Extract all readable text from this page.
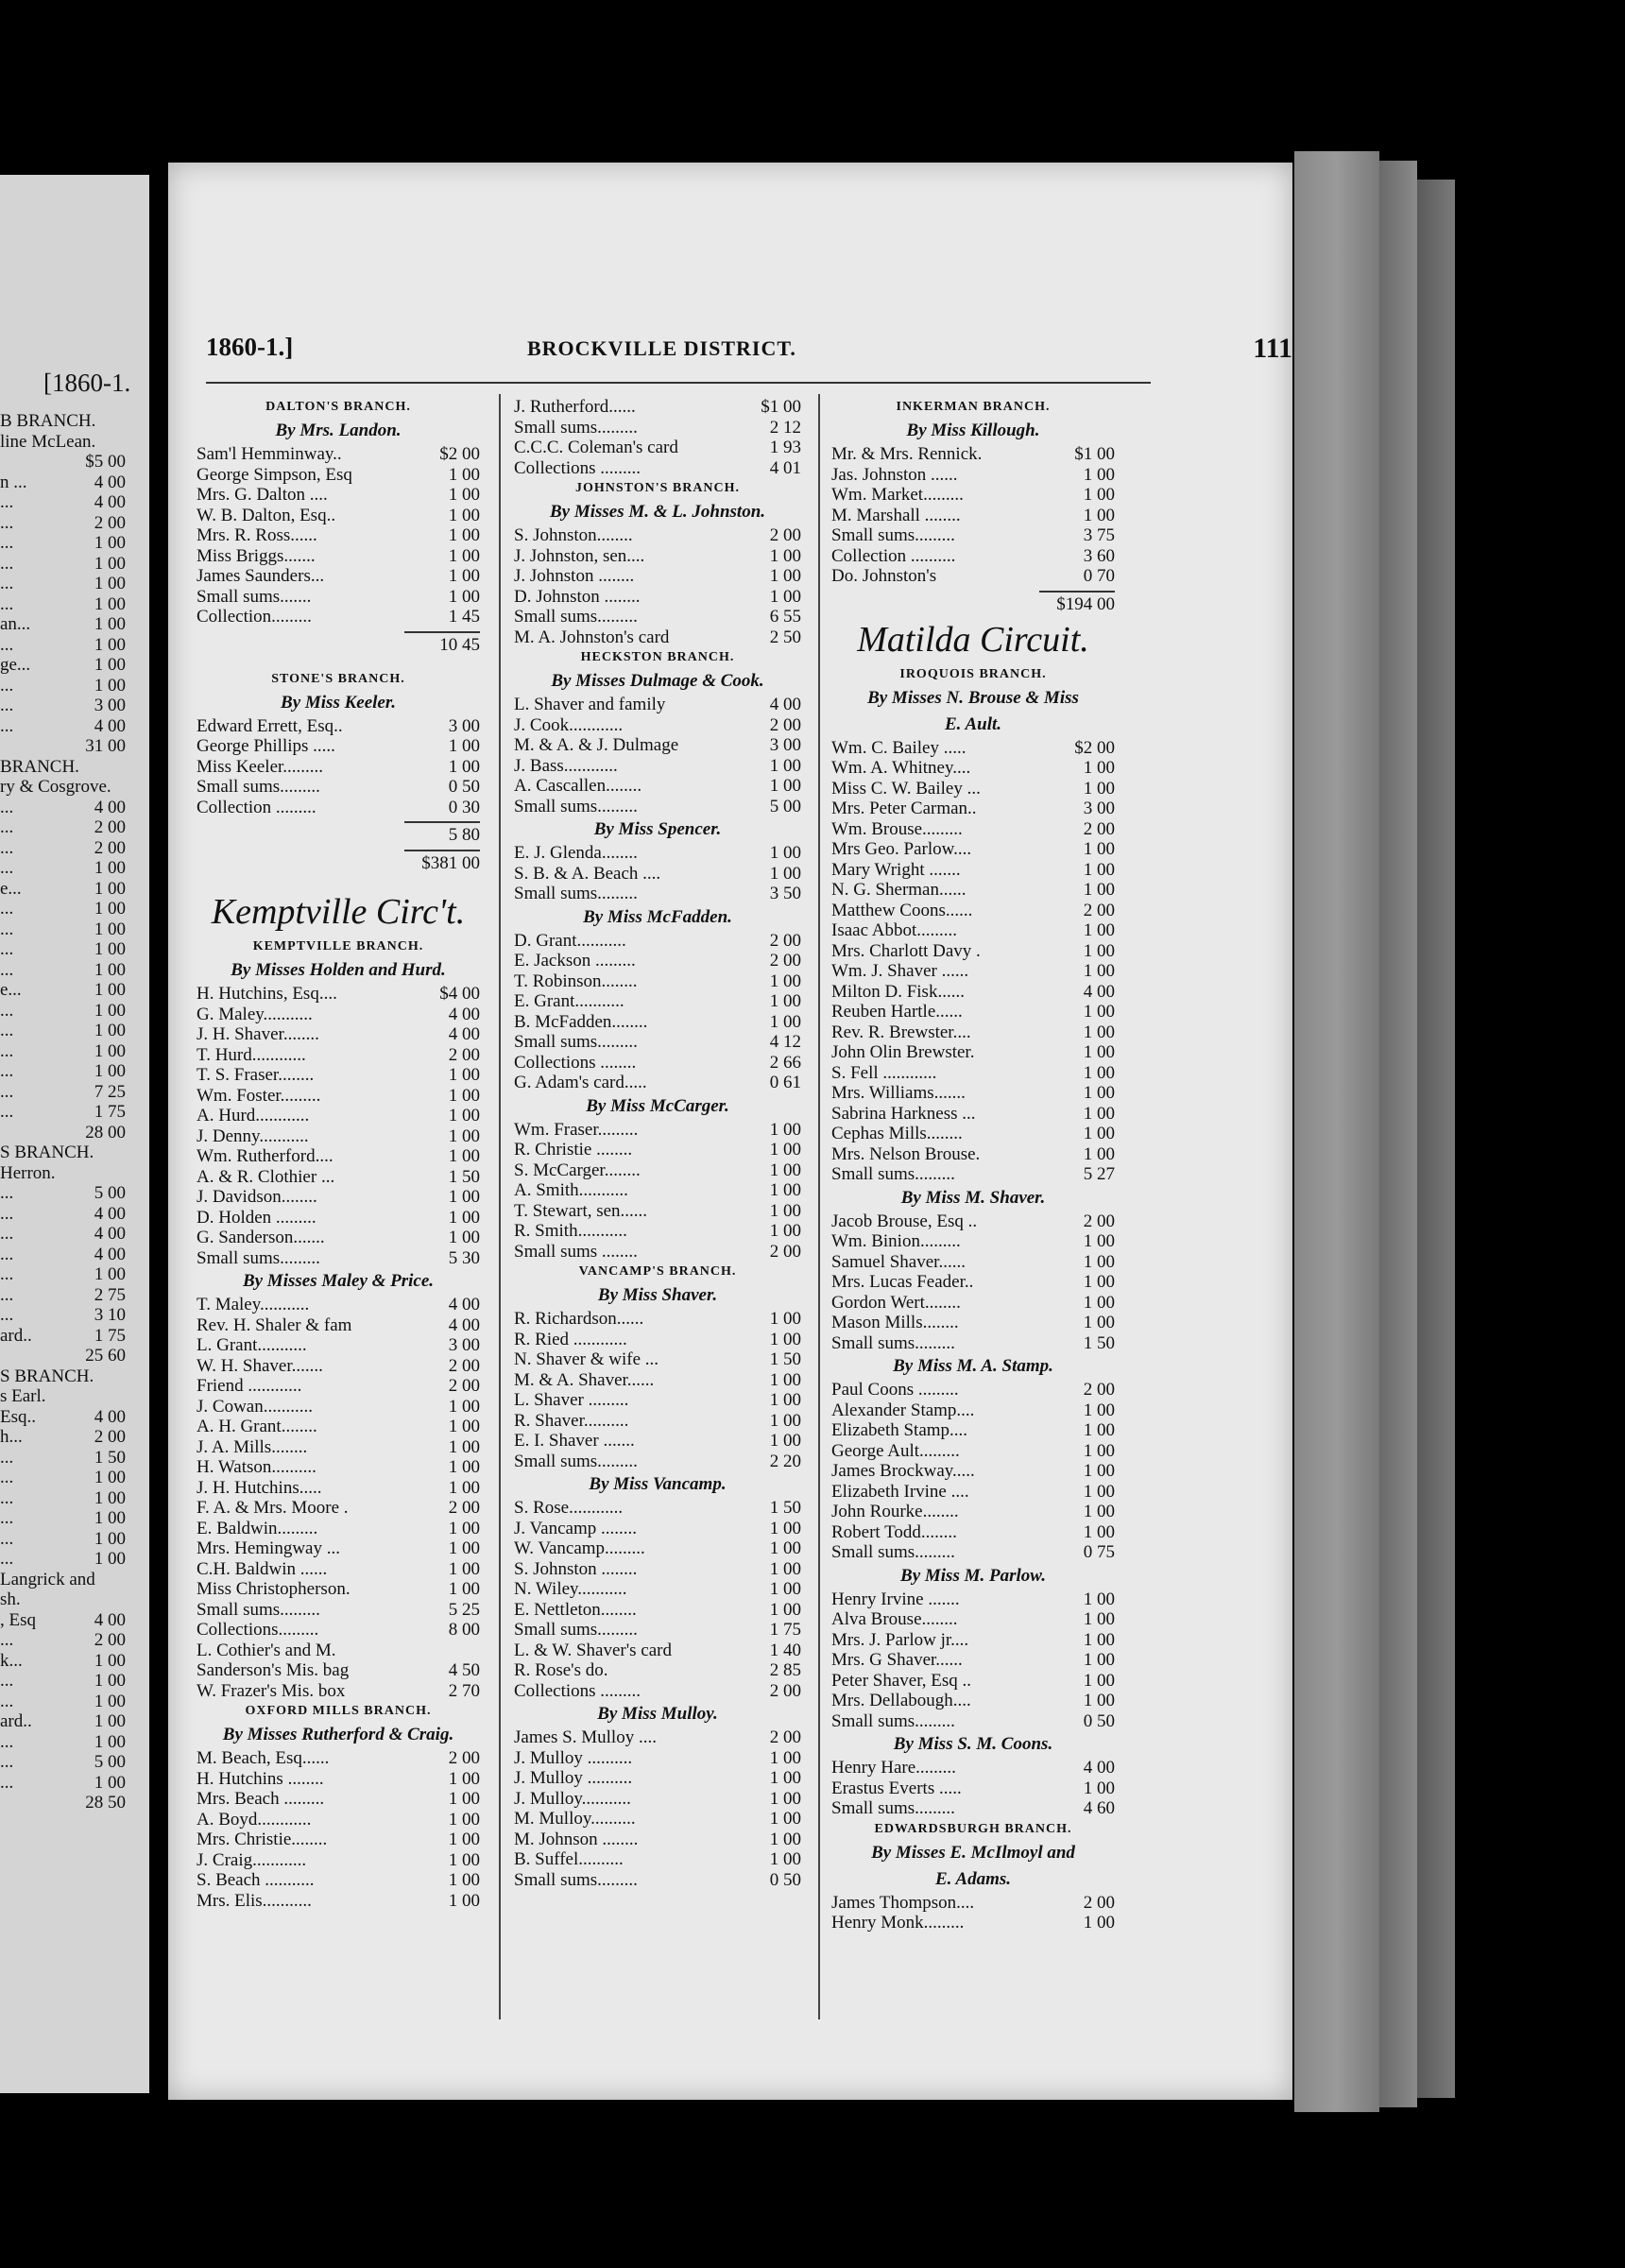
[1860-1.
B BRANCH.
line McLean.
$5 00
n ...	4 00
...	4 00
...	2 00
...	1 00
...	1 00
...	1 00
...	1 00
an...	1 00
...	1 00
ge...	1 00
...	1 00
...	3 00
...	4 00
31 00
BRANCH.
ry & Cosgrove.
...	4 00
...	2 00
...	2 00
...	1 00
e...	1 00
...	1 00
...	1 00
...	1 00
...	1 00
e...	1 00
...	1 00
...	1 00
...	1 00
...	1 00
...	7 25
...	1 75
28 00
S BRANCH.
Herron.
...	5 00
...	4 00
...	4 00
...	4 00
...	1 00
...	2 75
...	3 10
ard..	1 75
25 60
S BRANCH.
s Earl.
Esq..	4 00
h...	2 00
...	1 50
...	1 00
...	1 00
...	1 00
...	1 00
...	1 00
Langrick and
sh.
, Esq	4 00
...	2 00
k...	1 00
...	1 00
...	1 00
ard..	1 00
...	1 00
...	5 00
...	1 00
28 50
1860-1.]	BROCKVILLE DISTRICT.	111
DALTON'S BRANCH.
By Mrs. Landon.
Sam'l Hemminway..	$2 00
George Simpson, Esq	1 00
Mrs. G. Dalton ....	1 00
W. B. Dalton, Esq..	1 00
Mrs. R. Ross......	1 00
Miss Briggs.......	1 00
James Saunders...	1 00
Small sums.......	1 00
Collection.........	1 45
10 45
STONE'S BRANCH.
By Miss Keeler.
Edward Errett, Esq..	3 00
George Phillips .....	1 00
Miss Keeler.........	1 00
Small sums.........	0 50
Collection .........	0 30
5 80
$381 00
Kemptville Circ't.
KEMPTVILLE BRANCH.
By Misses Holden and Hurd.
H. Hutchins, Esq....	$4 00
G. Maley...........	4 00
J. H. Shaver........	4 00
T. Hurd............	2 00
T. S. Fraser........	1 00
Wm. Foster.........	1 00
A. Hurd............	1 00
J. Denny...........	1 00
Wm. Rutherford....	1 00
A. & R. Clothier ...	1 50
J. Davidson........	1 00
D. Holden .........	1 00
G. Sanderson.......	1 00
Small sums.........	5 30
By Misses Maley & Price.
T. Maley...........	4 00
Rev. H. Shaler & fam	4 00
L. Grant...........	3 00
W. H. Shaver.......	2 00
Friend ............	2 00
J. Cowan...........	1 00
A. H. Grant........	1 00
J. A. Mills........	1 00
H. Watson..........	1 00
J. H. Hutchins.....	1 00
F. A. & Mrs. Moore .	2 00
E. Baldwin.........	1 00
Mrs. Hemingway ...	1 00
C.H. Baldwin ......	1 00
Miss Christopherson.	1 00
Small sums.........	5 25
Collections.........	8 00
L. Cothier's and M.
Sanderson's Mis. bag	4 50
W. Frazer's Mis. box	2 70
OXFORD MILLS BRANCH.
By Misses Rutherford & Craig.
M. Beach, Esq......	2 00
H. Hutchins ........	1 00
Mrs. Beach .........	1 00
A. Boyd............	1 00
Mrs. Christie........	1 00
J. Craig............	1 00
S. Beach ...........	1 00
Mrs. Elis...........	1 00
J. Rutherford......	$1 00
Small sums.........	2 12
C.C.C. Coleman's card	1 93
Collections .........	4 01
JOHNSTON'S BRANCH.
By Misses M. & L. Johnston.
S. Johnston........	2 00
J. Johnston, sen....	1 00
J. Johnston ........	1 00
D. Johnston ........	1 00
Small sums.........	6 55
M. A. Johnston's card	2 50
HECKSTON BRANCH.
By Misses Dulmage & Cook.
L. Shaver and family	4 00
J. Cook............	2 00
M. & A. & J. Dulmage	3 00
J. Bass............	1 00
A. Cascallen........	1 00
Small sums.........	5 00
By Miss Spencer.
E. J. Glenda........	1 00
S. B. & A. Beach ....	1 00
Small sums.........	3 50
By Miss McFadden.
D. Grant...........	2 00
E. Jackson .........	2 00
T. Robinson........	1 00
E. Grant...........	1 00
B. McFadden........	1 00
Small sums.........	4 12
Collections ........	2 66
G. Adam's card.....	0 61
By Miss McCarger.
Wm. Fraser.........	1 00
R. Christie ........	1 00
S. McCarger........	1 00
A. Smith...........	1 00
T. Stewart, sen......	1 00
R. Smith...........	1 00
Small sums ........	2 00
VANCAMP'S BRANCH.
By Miss Shaver.
R. Richardson......	1 00
R. Ried ............	1 00
N. Shaver & wife ...	1 50
M. & A. Shaver......	1 00
L. Shaver .........	1 00
R. Shaver..........	1 00
E. I. Shaver .......	1 00
Small sums.........	2 20
By Miss Vancamp.
S. Rose............	1 50
J. Vancamp ........	1 00
W. Vancamp.........	1 00
S. Johnston ........	1 00
N. Wiley...........	1 00
E. Nettleton........	1 00
Small sums.........	1 75
L. & W. Shaver's card	1 40
R. Rose's do.	2 85
Collections .........	2 00
By Miss Mulloy.
James S. Mulloy ....	2 00
J. Mulloy ..........	1 00
J. Mulloy ..........	1 00
J. Mulloy...........	1 00
M. Mulloy..........	1 00
M. Johnson ........	1 00
B. Suffel..........	1 00
Small sums.........	0 50
INKERMAN BRANCH.
By Miss Killough.
Mr. & Mrs. Rennick.	$1 00
Jas. Johnston ......	1 00
Wm. Market.........	1 00
M. Marshall ........	1 00
Small sums.........	3 75
Collection ..........	3 60
Do. Johnston's	0 70
$194 00
Matilda Circuit.
IROQUOIS BRANCH.
By Misses N. Brouse & Miss
E. Ault.
Wm. C. Bailey .....	$2 00
Wm. A. Whitney....	1 00
Miss C. W. Bailey ...	1 00
Mrs. Peter Carman..	3 00
Wm. Brouse.........	2 00
Mrs Geo. Parlow....	1 00
Mary Wright .......	1 00
N. G. Sherman......	1 00
Matthew Coons......	2 00
Isaac Abbot.........	1 00
Mrs. Charlott Davy .	1 00
Wm. J. Shaver ......	1 00
Milton D. Fisk......	4 00
Reuben Hartle......	1 00
Rev. R. Brewster....	1 00
John Olin Brewster.	1 00
S. Fell ............	1 00
Mrs. Williams.......	1 00
Sabrina Harkness ...	1 00
Cephas Mills........	1 00
Mrs. Nelson Brouse.	1 00
Small sums.........	5 27
By Miss M. Shaver.
Jacob Brouse, Esq ..	2 00
Wm. Binion.........	1 00
Samuel Shaver......	1 00
Mrs. Lucas Feader..	1 00
Gordon Wert........	1 00
Mason Mills........	1 00
Small sums.........	1 50
By Miss M. A. Stamp.
Paul Coons .........	2 00
Alexander Stamp....	1 00
Elizabeth Stamp....	1 00
George Ault.........	1 00
James Brockway.....	1 00
Elizabeth Irvine ....	1 00
John Rourke........	1 00
Robert Todd........	1 00
Small sums.........	0 75
By Miss M. Parlow.
Henry Irvine .......	1 00
Alva Brouse........	1 00
Mrs. J. Parlow jr....	1 00
Mrs. G Shaver......	1 00
Peter Shaver, Esq ..	1 00
Mrs. Dellabough....	1 00
Small sums.........	0 50
By Miss S. M. Coons.
Henry Hare.........	4 00
Erastus Everts .....	1 00
Small sums.........	4 60
EDWARDSBURGH BRANCH.
By Misses E. McIlmoyl and
E. Adams.
James Thompson....	2 00
Henry Monk.........	1 00
